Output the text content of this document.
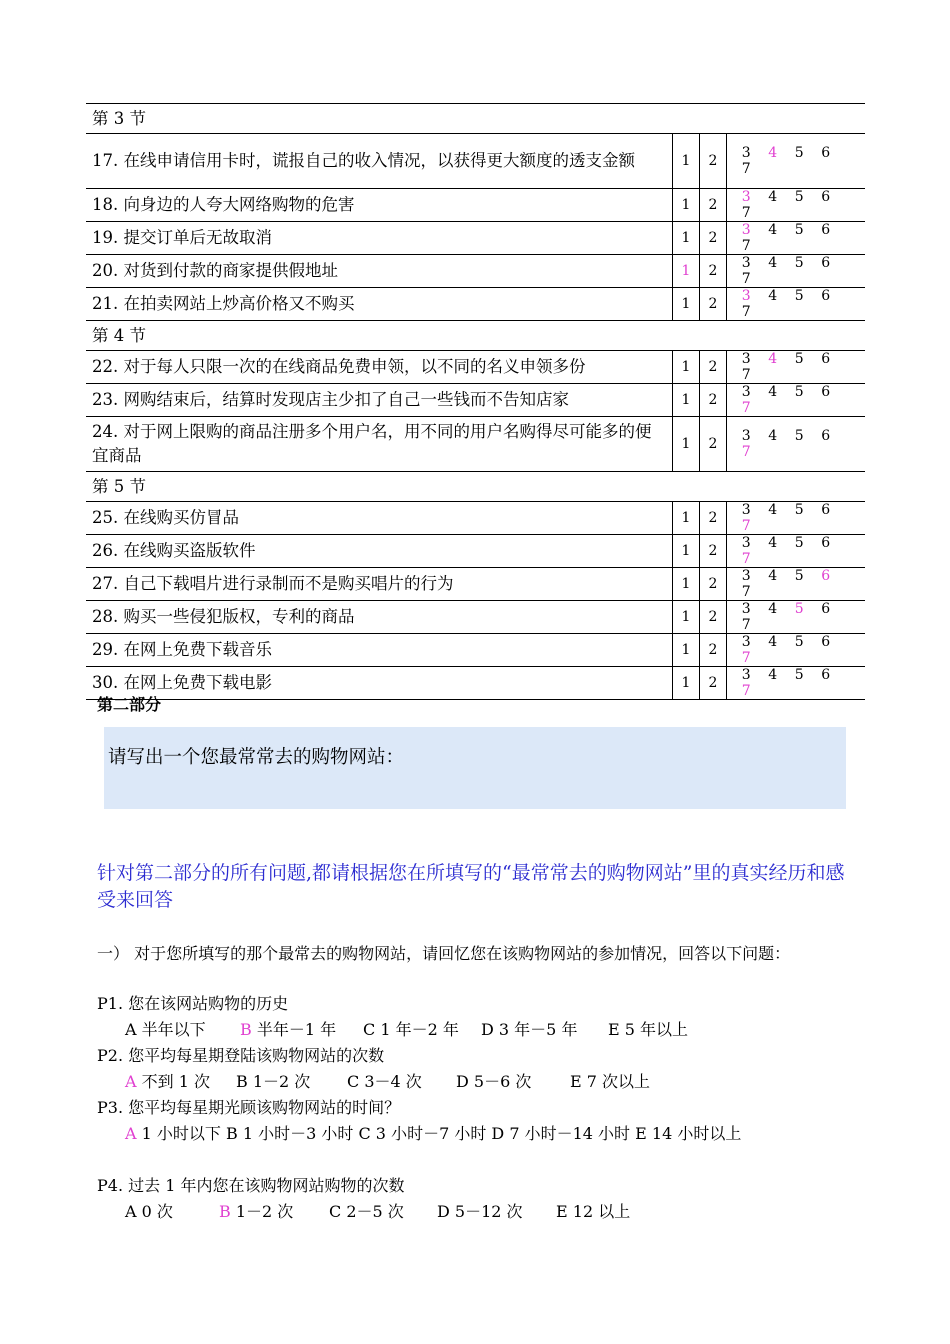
第 3 节			
17. 在线申请信用卡时，谎报自己的收入情况，以获得更大额度的透支金额	1	2	3 4 5 67
18. 向身边的人夸大网络购物的危害	1	2	3 4 5 67
19. 提交订单后无故取消	1	2	3 4 5 67
20. 对货到付款的商家提供假地址	1	2	3 4 5 67
21. 在拍卖网站上炒高价格又不购买	1	2	3 4 5 67
第 4 节			
22. 对于每人只限一次的在线商品免费申领，以不同的名义申领多份	1	2	3 4 5 67
23. 网购结束后，结算时发现店主少扣了自己一些钱而不告知店家	1	2	3 4 5 67
24. 对于网上限购的商品注册多个用户名，用不同的用户名购得尽可能多的便宜商品	1	2	3 4 5 67
第 5 节			
25. 在线购买仿冒品	1	2	3 4 5 67
26. 在线购买盗版软件	1	2	3 4 5 67
27. 自己下载唱片进行录制而不是购买唱片的行为	1	2	3 4 5 67
28. 购买一些侵犯版权，专利的商品	1	2	3 4 5 67
29. 在网上免费下载音乐	1	2	3 4 5 67
30. 在网上免费下载电影	1	2	3 4 5 67
第二部分
请写出一个您最常常去的购物网站：
针对第二部分的所有问题,都请根据您在所填写的“最常常去的购物网站”里的真实经历和感受来回答
一） 对于您所填写的那个最常去的购物网站，请回忆您在该购物网站的参加情况，回答以下问题：
P1. 您在该网站购物的历史
A 半年以下 B 半年－1 年 C 1 年－2 年 D 3 年－5 年 E 5 年以上
P2. 您平均每星期登陆该购物网站的次数
A 不到 1 次 B 1－2 次 C 3－4 次 D 5－6 次 E 7 次以上
P3. 您平均每星期光顾该购物网站的时间？
A 1 小时以下 B 1 小时－3 小时 C 3 小时－7 小时 D 7 小时－14 小时 E 14 小时以上
P4. 过去 1 年内您在该购物网站购物的次数
A 0 次	B 1－2 次 C 2－5 次 D 5－12 次 E 12 以上
